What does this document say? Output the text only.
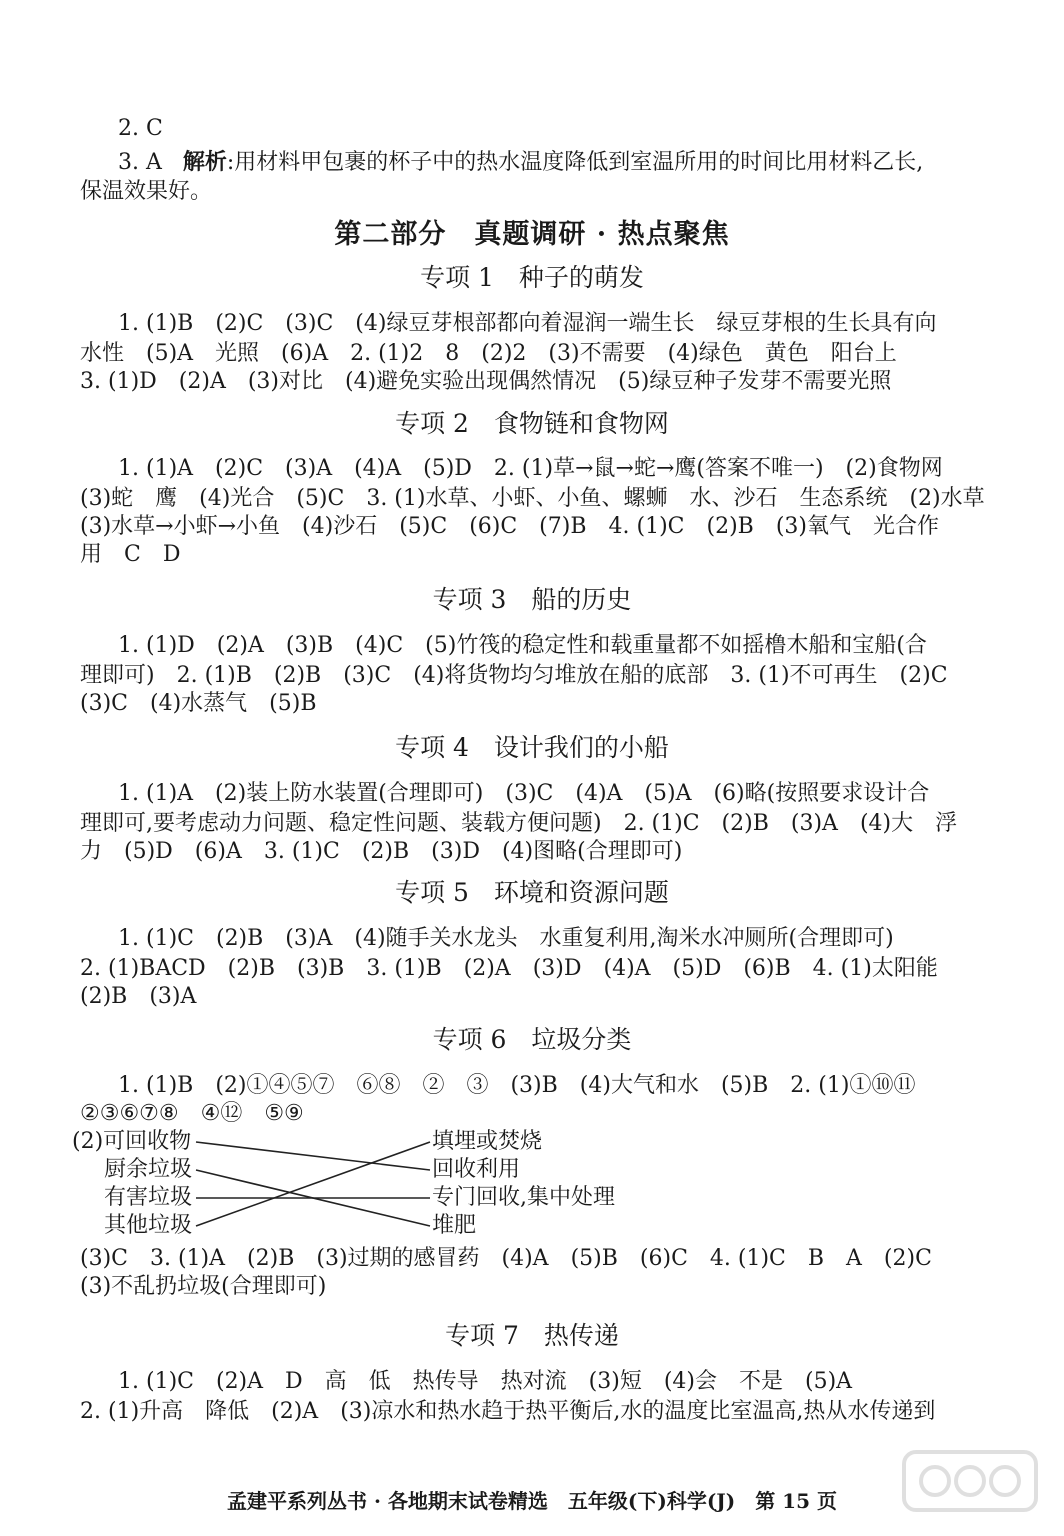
2. C
3. A 解析:用材料甲包裹的杯子中的热水温度降低到室温所用的时间比用材料乙长,
保温效果好。
第二部分　真题调研 · 热点聚焦
专项 1　种子的萌发
1. (1)B　(2)C　(3)C　(4)绿豆芽根部都向着湿润一端生长　绿豆芽根的生长具有向
水性　(5)A　光照　(6)A　2. (1)2　8　(2)2　(3)不需要　(4)绿色　黄色　阳台上
3. (1)D　(2)A　(3)对比　(4)避免实验出现偶然情况　(5)绿豆种子发芽不需要光照
专项 2　食物链和食物网
1. (1)A　(2)C　(3)A　(4)A　(5)D　2. (1)草→鼠→蛇→鹰(答案不唯一)　(2)食物网
(3)蛇　鹰　(4)光合　(5)C　3. (1)水草、小虾、小鱼、螺蛳　水、沙石　生态系统　(2)水草
(3)水草→小虾→小鱼　(4)沙石　(5)C　(6)C　(7)B　4. (1)C　(2)B　(3)氧气　光合作
用　C　D
专项 3　船的历史
1. (1)D　(2)A　(3)B　(4)C　(5)竹筏的稳定性和载重量都不如摇橹木船和宝船(合
理即可)　2. (1)B　(2)B　(3)C　(4)将货物均匀堆放在船的底部　3. (1)不可再生　(2)C
(3)C　(4)水蒸气　(5)B
专项 4　设计我们的小船
1. (1)A　(2)装上防水装置(合理即可)　(3)C　(4)A　(5)A　(6)略(按照要求设计合
理即可,要考虑动力问题、稳定性问题、装载方便问题)　2. (1)C　(2)B　(3)A　(4)大　浮
力　(5)D　(6)A　3. (1)C　(2)B　(3)D　(4)图略(合理即可)
专项 5　环境和资源问题
1. (1)C　(2)B　(3)A　(4)随手关水龙头　水重复利用,淘米水冲厕所(合理即可)
2. (1)BACD　(2)B　(3)B　3. (1)B　(2)A　(3)D　(4)A　(5)D　(6)B　4. (1)太阳能
(2)B　(3)A
专项 6　垃圾分类
1. (1)B　(2)①④⑤⑦　⑥⑧　②　③　(3)B　(4)大气和水　(5)B　2. (1)①⑩⑪
②③⑥⑦⑧　④⑫　⑤⑨
(2)可回收物
厨余垃圾
有害垃圾
其他垃圾
填埋或焚烧
回收利用
专门回收,集中处理
堆肥
(3)C　3. (1)A　(2)B　(3)过期的感冒药　(4)A　(5)B　(6)C　4. (1)C　B　A　(2)C
(3)不乱扔垃圾(合理即可)
专项 7　热传递
1. (1)C　(2)A　D　高　低　热传导　热对流　(3)短　(4)会　不是　(5)A
2. (1)升高　降低　(2)A　(3)凉水和热水趋于热平衡后,水的温度比室温高,热从水传递到
孟建平系列丛书 · 各地期末试卷精选　五年级(下)科学(J)　第 15 页
